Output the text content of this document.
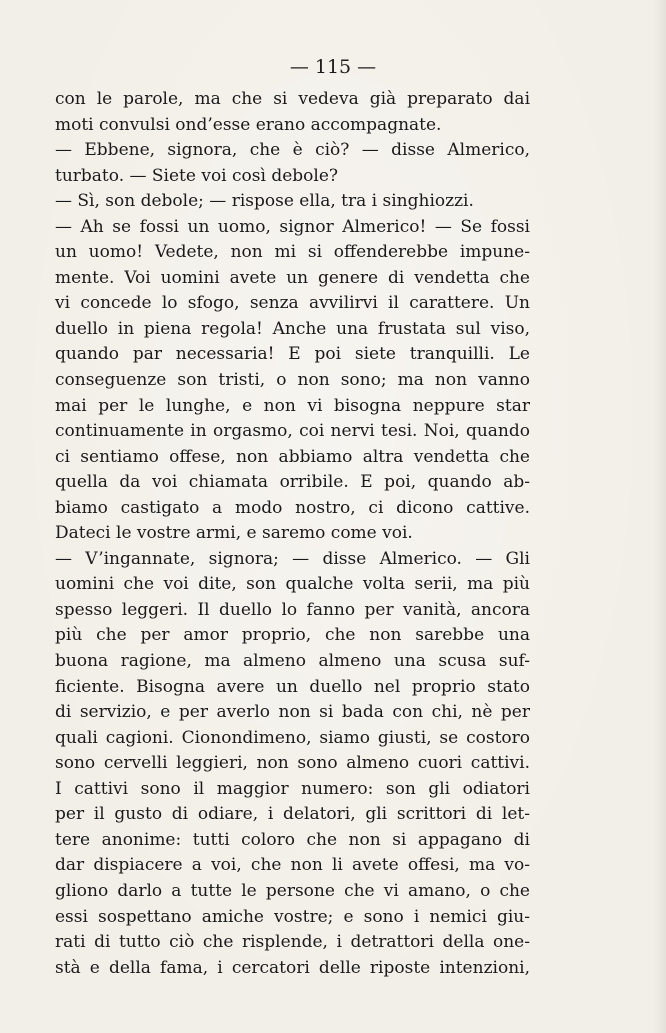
— 115 —
con le parole, ma che si vedeva già preparato dai
moti convulsi ond’esse erano accompagnate.
— Ebbene, signora, che è ciò? — disse Almerico,
turbato. — Siete voi così debole?
— Sì, son debole; — rispose ella, tra i singhiozzi.
— Ah se fossi un uomo, signor Almerico! — Se fossi
un uomo! Vedete, non mi si offenderebbe impune-
mente. Voi uomini avete un genere di vendetta che
vi concede lo sfogo, senza avvilirvi il carattere. Un
duello in piena regola! Anche una frustata sul viso,
quando par necessaria! E poi siete tranquilli. Le
conseguenze son tristi, o non sono; ma non vanno
mai per le lunghe, e non vi bisogna neppure star
continuamente in orgasmo, coi nervi tesi. Noi, quando
ci sentiamo offese, non abbiamo altra vendetta che
quella da voi chiamata orribile. E poi, quando ab-
biamo castigato a modo nostro, ci dicono cattive.
Dateci le vostre armi, e saremo come voi.
— V’ingannate, signora; — disse Almerico. — Gli
uomini che voi dite, son qualche volta serii, ma più
spesso leggeri. Il duello lo fanno per vanità, ancora
più che per amor proprio, che non sarebbe una
buona ragione, ma almeno almeno una scusa suf-
ficiente. Bisogna avere un duello nel proprio stato
di servizio, e per averlo non si bada con chi, nè per
quali cagioni. Cionondimeno, siamo giusti, se costoro
sono cervelli leggieri, non sono almeno cuori cattivi.
I cattivi sono il maggior numero: son gli odiatori
per il gusto di odiare, i delatori, gli scrittori di let-
tere anonime: tutti coloro che non si appagano di
dar dispiacere a voi, che non li avete offesi, ma vo-
gliono darlo a tutte le persone che vi amano, o che
essi sospettano amiche vostre; e sono i nemici giu-
rati di tutto ciò che risplende, i detrattori della one-
stà e della fama, i cercatori delle riposte intenzioni,
